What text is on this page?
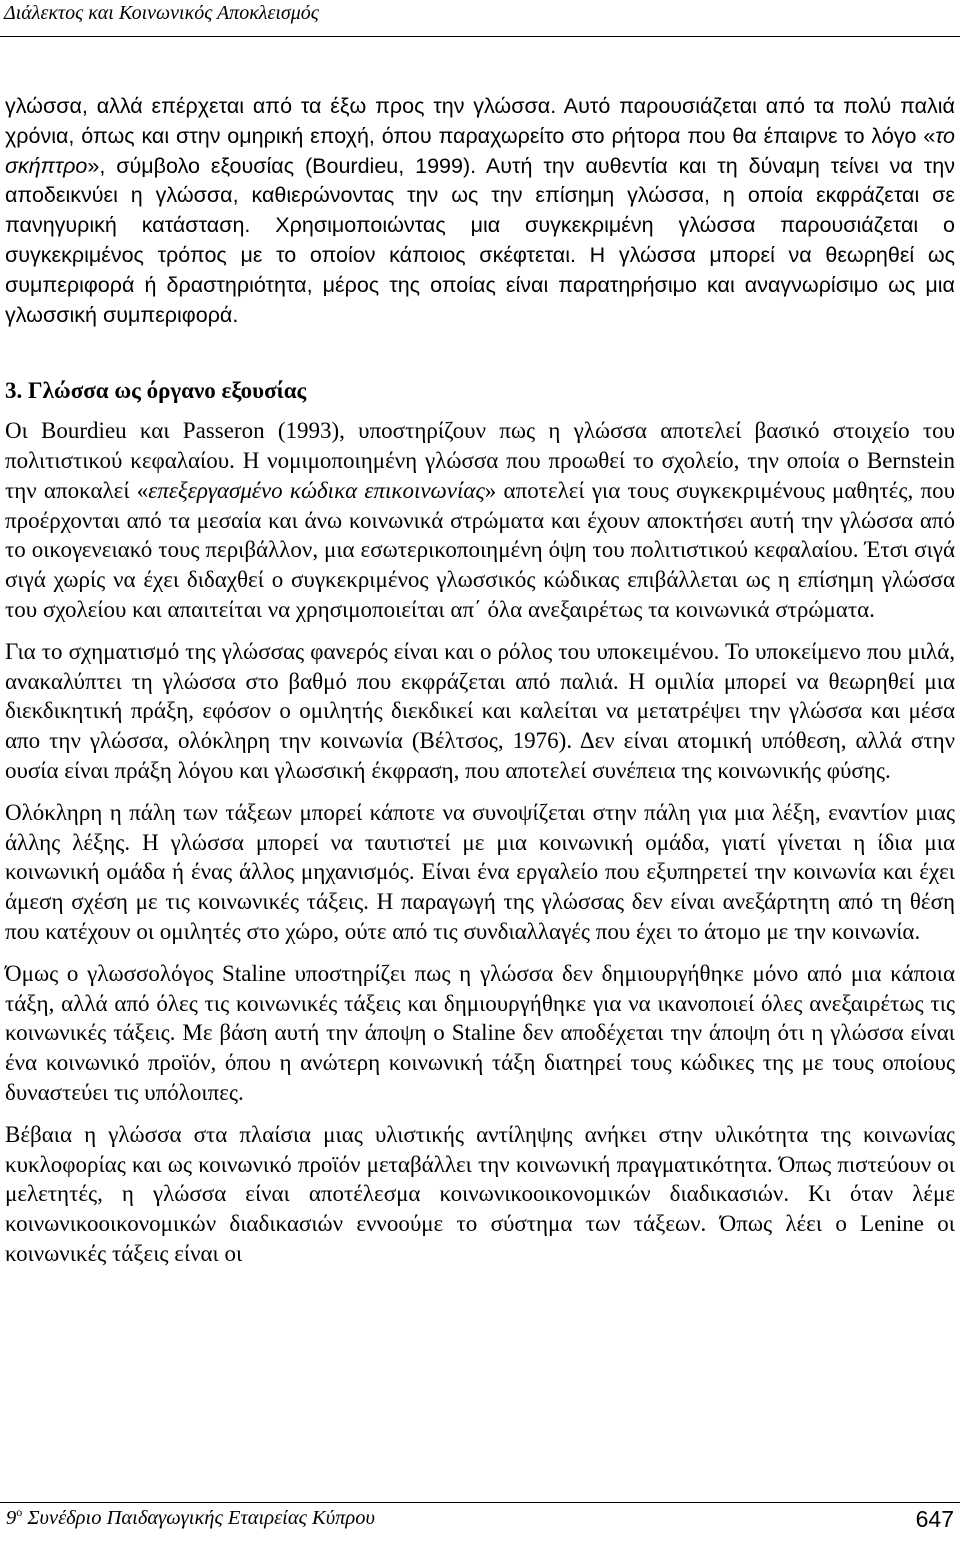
Διάλεκτος και Κοινωνικός Αποκλεισμός

γλώσσα, αλλά επέρχεται από τα έξω προς την γλώσσα. Αυτό παρουσιάζεται από τα πολύ παλιά χρόνια, όπως και στην ομηρική εποχή, όπου παραχωρείτο στο ρήτορα που θα έπαιρνε το λόγο «το σκήπτρο», σύμβολο εξουσίας (Bourdieu, 1999). Αυτή την αυθεντία και τη δύναμη τείνει να την αποδεικνύει η γλώσσα, καθιερώνοντας την ως την επίσημη γλώσσα, η οποία εκφράζεται σε πανηγυρική κατάσταση. Χρησιμοποιώντας μια συγκεκριμένη γλώσσα παρουσιάζεται ο συγκεκριμένος τρόπος με το οποίον κάποιος σκέφτεται. Η γλώσσα μπορεί να θεωρηθεί ως συμπεριφορά ή δραστηριότητα, μέρος της οποίας είναι παρατηρήσιμο και αναγνωρίσιμο ως μια γλωσσική συμπεριφορά.

3. Γλώσσα ως όργανο εξουσίας

Οι Bourdieu και Passeron (1993), υποστηρίζουν πως η γλώσσα αποτελεί βασικό στοιχείο του πολιτιστικού κεφαλαίου. Η νομιμοποιημένη γλώσσα που προωθεί το σχολείο, την οποία ο Bernstein την αποκαλεί «επεξεργασμένο κώδικα επικοινωνίας» αποτελεί για τους συγκεκριμένους μαθητές, που προέρχονται από τα μεσαία και άνω κοινωνικά στρώματα και έχουν αποκτήσει αυτή την γλώσσα από το οικογενειακό τους περιβάλλον, μια εσωτερικοποιημένη όψη του πολιτιστικού κεφαλαίου. Έτσι σιγά σιγά χωρίς να έχει διδαχθεί ο συγκεκριμένος γλωσσικός κώδικας επιβάλλεται ως η επίσημη γλώσσα του σχολείου και απαιτείται να χρησιμοποιείται απ΄ όλα ανεξαιρέτως τα κοινωνικά στρώματα.

Για το σχηματισμό της γλώσσας φανερός είναι και ο ρόλος του υποκειμένου. Το υποκείμενο που μιλά, ανακαλύπτει τη γλώσσα στο βαθμό που εκφράζεται από παλιά. Η ομιλία μπορεί να θεωρηθεί μια διεκδικητική πράξη, εφόσον ο ομιλητής διεκδικεί και καλείται να μετατρέψει την γλώσσα και μέσα απο την γλώσσα, ολόκληρη την κοινωνία (Βέλτσος, 1976). Δεν είναι ατομική υπόθεση, αλλά στην ουσία είναι πράξη λόγου και γλωσσική έκφραση, που αποτελεί συνέπεια της κοινωνικής φύσης.

Ολόκληρη η πάλη των τάξεων μπορεί κάποτε να συνοψίζεται στην πάλη για μια λέξη, εναντίον μιας άλλης λέξης. Η γλώσσα μπορεί να ταυτιστεί με μια κοινωνική ομάδα, γιατί γίνεται η ίδια μια κοινωνική ομάδα ή ένας άλλος μηχανισμός. Είναι ένα εργαλείο που εξυπηρετεί την κοινωνία και έχει άμεση σχέση με τις κοινωνικές τάξεις. Η παραγωγή της γλώσσας δεν είναι ανεξάρτητη από τη θέση που κατέχουν οι ομιλητές στο χώρο, ούτε από τις συνδιαλλαγές που έχει το άτομο με την κοινωνία.

Όμως ο γλωσσολόγος Staline υποστηρίζει πως η γλώσσα δεν δημιουργήθηκε μόνο από μια κάποια τάξη, αλλά από όλες τις κοινωνικές τάξεις και δημιουργήθηκε για να ικανοποιεί όλες ανεξαιρέτως τις κοινωνικές τάξεις. Με βάση αυτή την άποψη ο Staline δεν αποδέχεται την άποψη ότι η γλώσσα είναι ένα κοινωνικό προϊόν, όπου η ανώτερη κοινωνική τάξη διατηρεί τους κώδικες της με τους οποίους δυναστεύει τις υπόλοιπες.

Βέβαια η γλώσσα στα πλαίσια μιας υλιστικής αντίληψης ανήκει στην υλικότητα της κοινωνίας κυκλοφορίας και ως κοινωνικό προϊόν μεταβάλλει την κοινωνική πραγματικότητα. Όπως πιστεύουν οι μελετητές, η γλώσσα είναι αποτέλεσμα κοινωνικοοικονομικών διαδικασιών. Κι όταν λέμε κοινωνικοοικονομικών διαδικασιών εννοούμε το σύστημα των τάξεων. Όπως λέει ο Lenine οι κοινωνικές τάξεις είναι οι

$9^o$ Συνέδριο Παιδαγωγικής Εταιρείας Κύπρου	647
